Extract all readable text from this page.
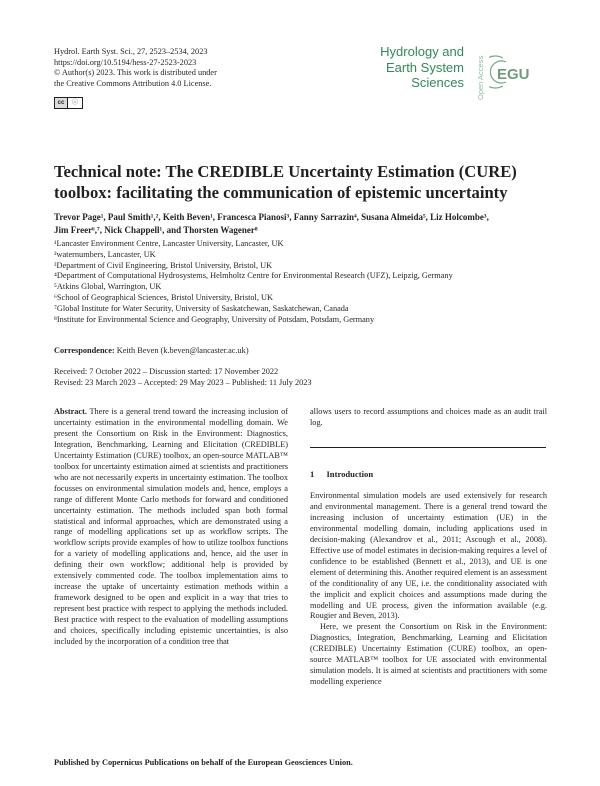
Hydrol. Earth Syst. Sci., 27, 2523–2534, 2023
https://doi.org/10.5194/hess-27-2523-2023
© Author(s) 2023. This work is distributed under
the Creative Commons Attribution 4.0 License.
cc	ⓘ
Hydrology and
Earth System
Sciences Open Access EGU
Technical note: The CREDIBLE Uncertainty Estimation (CURE)
toolbox: facilitating the communication of epistemic uncertainty
Trevor Page¹, Paul Smith¹,², Keith Beven¹, Francesca Pianosi³, Fanny Sarrazin⁴, Susana Almeida⁵, Liz Holcombe³,
Jim Freer⁶,⁷, Nick Chappell¹, and Thorsten Wagener⁸
¹Lancaster Environment Centre, Lancaster University, Lancaster, UK
²waternumbers, Lancaster, UK
³Department of Civil Engineering, Bristol University, Bristol, UK
⁴Department of Computational Hydrosystems, Helmholtz Centre for Environmental Research (UFZ), Leipzig, Germany
⁵Atkins Global, Warrington, UK
⁶School of Geographical Sciences, Bristol University, Bristol, UK
⁷Global Institute for Water Security, University of Saskatchewan, Saskatchewan, Canada
⁸Institute for Environmental Science and Geography, University of Potsdam, Potsdam, Germany
Correspondence: Keith Beven (k.beven@lancaster.ac.uk)
Received: 7 October 2022 – Discussion started: 17 November 2022
Revised: 23 March 2023 – Accepted: 29 May 2023 – Published: 11 July 2023
Abstract. There is a general trend toward the increasing inclusion of uncertainty estimation in the environmental modelling domain. We present the Consortium on Risk in the Environment: Diagnostics, Integration, Benchmarking, Learning and Elicitation (CREDIBLE) Uncertainty Estimation (CURE) toolbox, an open-source MATLAB™ toolbox for uncertainty estimation aimed at scientists and practitioners who are not necessarily experts in uncertainty estimation. The toolbox focusses on environmental simulation models and, hence, employs a range of different Monte Carlo methods for forward and conditioned uncertainty estimation. The methods included span both formal statistical and informal approaches, which are demonstrated using a range of modelling applications set up as workflow scripts. The workflow scripts provide examples of how to utilize toolbox functions for a variety of modelling applications and, hence, aid the user in defining their own workflow; additional help is provided by extensively commented code. The toolbox implementation aims to increase the uptake of uncertainty estimation methods within a framework designed to be open and explicit in a way that tries to represent best practice with respect to applying the methods included. Best practice with respect to the evaluation of modelling assumptions and choices, specifically including epistemic uncertainties, is also included by the incorporation of a condition tree that

allows users to record assumptions and choices made as an audit trail log.

1 Introduction

Environmental simulation models are used extensively for research and environmental management. There is a general trend toward the increasing inclusion of uncertainty estimation (UE) in the environmental modelling domain, including applications used in decision-making (Alexandrov et al., 2011; Ascough et al., 2008). Effective use of model estimates in decision-making requires a level of confidence to be established (Bennett et al., 2013), and UE is one element of determining this. Another required element is an assessment of the conditionality of any UE, i.e. the conditionality associated with the implicit and explicit choices and assumptions made during the modelling and UE process, given the information available (e.g. Rougier and Beven, 2013).

Here, we present the Consortium on Risk in the Environment: Diagnostics, Integration, Benchmarking, Learning and Elicitation (CREDIBLE) Uncertainty Estimation (CURE) toolbox, an open-source MATLAB™ toolbox for UE associated with environmental simulation models. It is aimed at scientists and practitioners with some modelling experience

Published by Copernicus Publications on behalf of the European Geosciences Union.
